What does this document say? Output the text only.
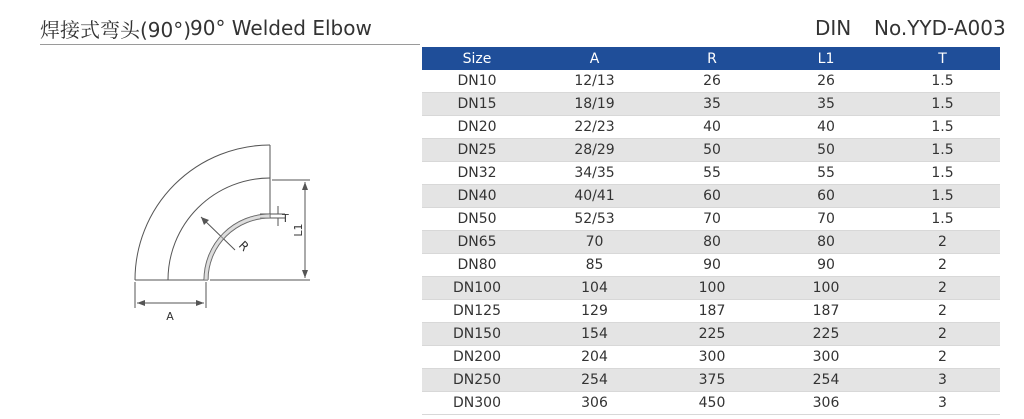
焊接式弯头(90°)
90° Welded Elbow	DIN No.YYD-A003
R
T
L1
A
Size	A	R	L1	T
DN10	12/13	26	26	1.5
DN15	18/19	35	35	1.5
DN20	22/23	40	40	1.5
DN25	28/29	50	50	1.5
DN32	34/35	55	55	1.5
DN40	40/41	60	60	1.5
DN50	52/53	70	70	1.5
DN65	70	80	80	2
DN80	85	90	90	2
DN100	104	100	100	2
DN125	129	187	187	2
DN150	154	225	225	2
DN200	204	300	300	2
DN250	254	375	254	3
DN300	306	450	306	3
